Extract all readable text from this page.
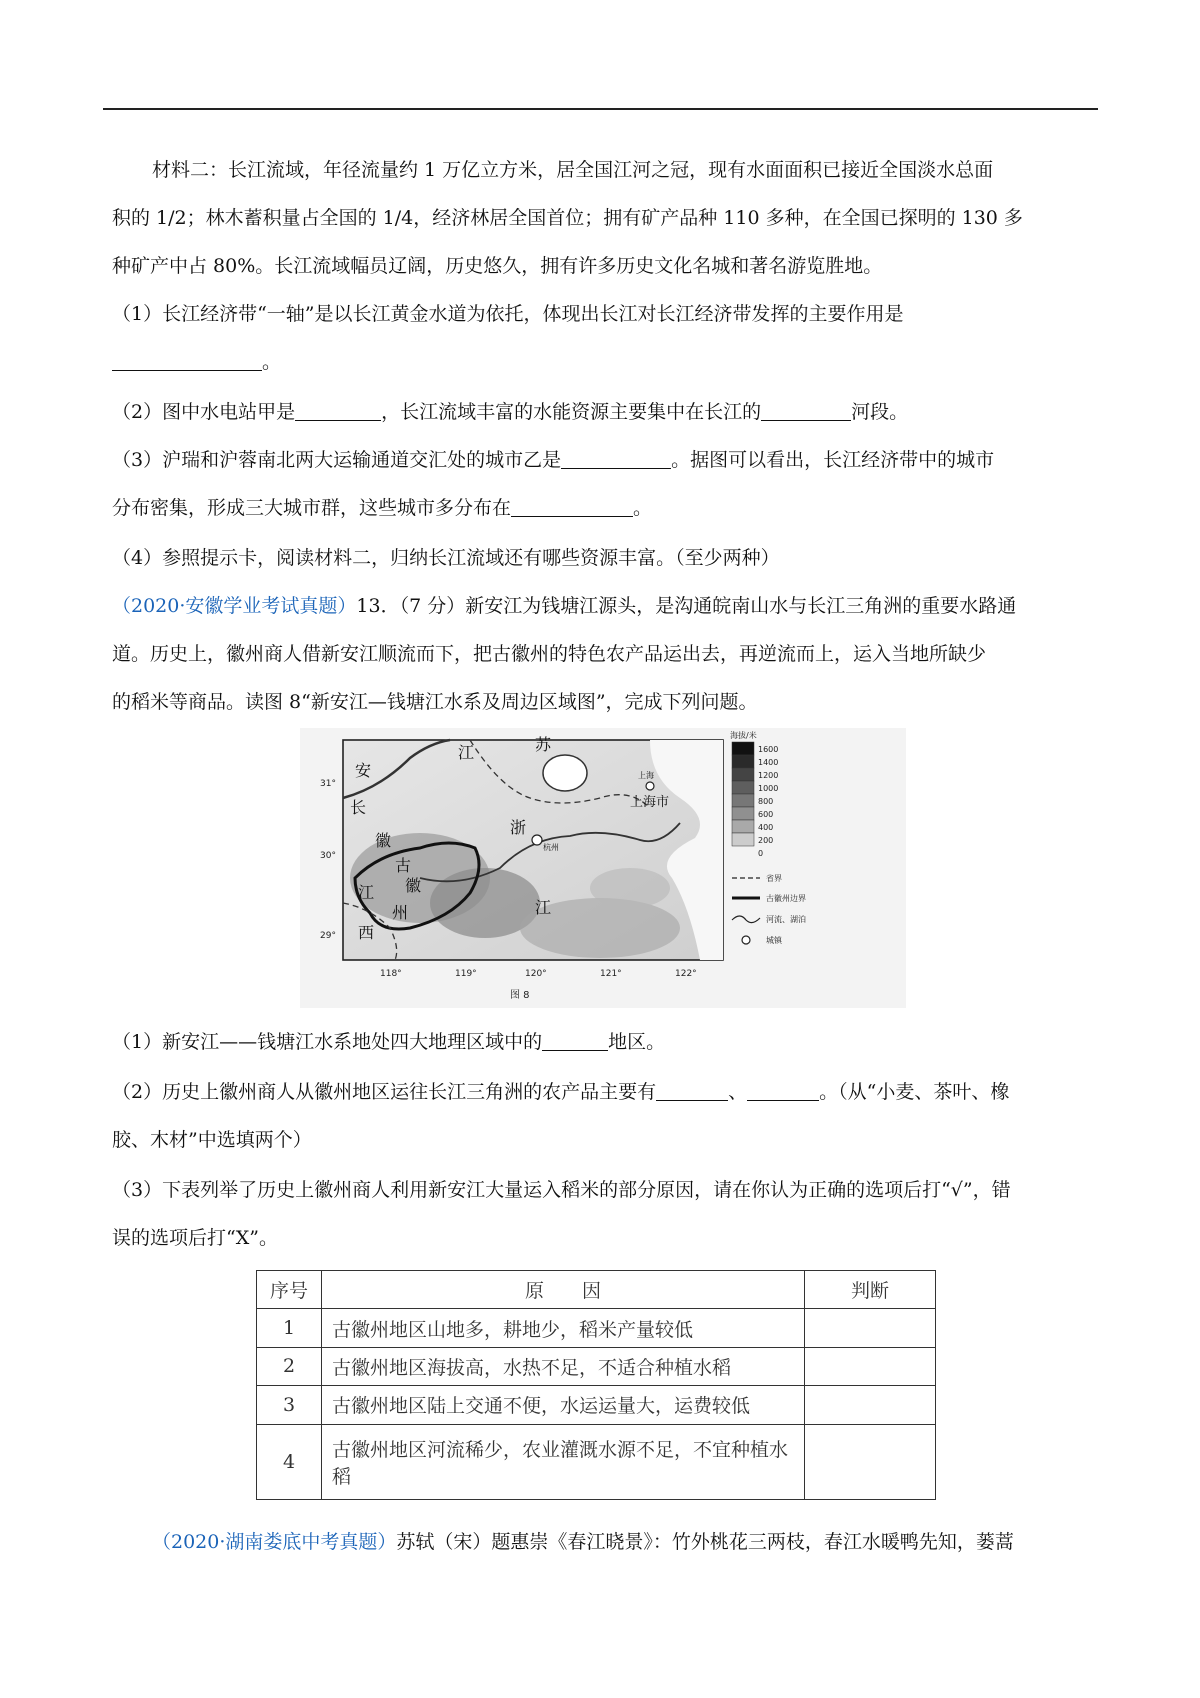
材料二：长江流域，年径流量约 1 万亿立方米，居全国江河之冠，现有水面面积已接近全国淡水总面
积的 1/2；林木蓄积量占全国的 1/4，经济林居全国首位；拥有矿产品种 110 多种，在全国已探明的 130 多
种矿产中占 80%。长江流域幅员辽阔，历史悠久，拥有许多历史文化名城和著名游览胜地。
（1）长江经济带“一轴”是以长江黄金水道为依托，体现出长江对长江经济带发挥的主要作用是
。
（2）图中水电站甲是	，长江流域丰富的水能资源主要集中在长江的	河段。
（3）沪瑞和沪蓉南北两大运输通道交汇处的城市乙是	。据图可以看出，长江经济带中的城市
分布密集，形成三大城市群，这些城市多分布在	。
（4）参照提示卡，阅读材料二，归纳长江流域还有哪些资源丰富。（至少两种）
（2020·安徽学业考试真题）13．（7 分）新安江为钱塘江源头，是沟通皖南山水与长江三角洲的重要水路通
道。历史上，徽州商人借新安江顺流而下，把古徽州的特色农产品运出去，再逆流而上，运入当地所缺少
的稻米等商品。读图 8“新安江—钱塘江水系及周边区域图”，完成下列问题。
安
江	苏
长
徽
浙
古
徽
江
州
西
江
上海市
上海
杭州
31°
30°
29°
118°	119°	120°	121°	122°
图 8
海拔/米
1600
1400
1200
1000
800
600
400
200
0
省界
古徽州边界
河流、湖泊
城镇
（1）新安江——钱塘江水系地处四大地理区域中的	地区。
（2）历史上徽州商人从徽州地区运往长江三角洲的农产品主要有	、	。（从“小麦、茶叶、橡
胶、木材”中选填两个）
（3）下表列举了历史上徽州商人利用新安江大量运入稻米的部分原因，请在你认为正确的选项后打“√”，错
误的选项后打“X”。
序号	原　　因	判断
1	古徽州地区山地多，耕地少，稻米产量较低	
2	古徽州地区海拔高，水热不足，不适合种植水稻	
3	古徽州地区陆上交通不便，水运运量大，运费较低	
4	古徽州地区河流稀少，农业灌溉水源不足，不宜种植水稻	
（2020·湖南娄底中考真题）苏轼（宋）题惠崇《春江晓景》：竹外桃花三两枝，春江水暖鸭先知，蒌蒿
